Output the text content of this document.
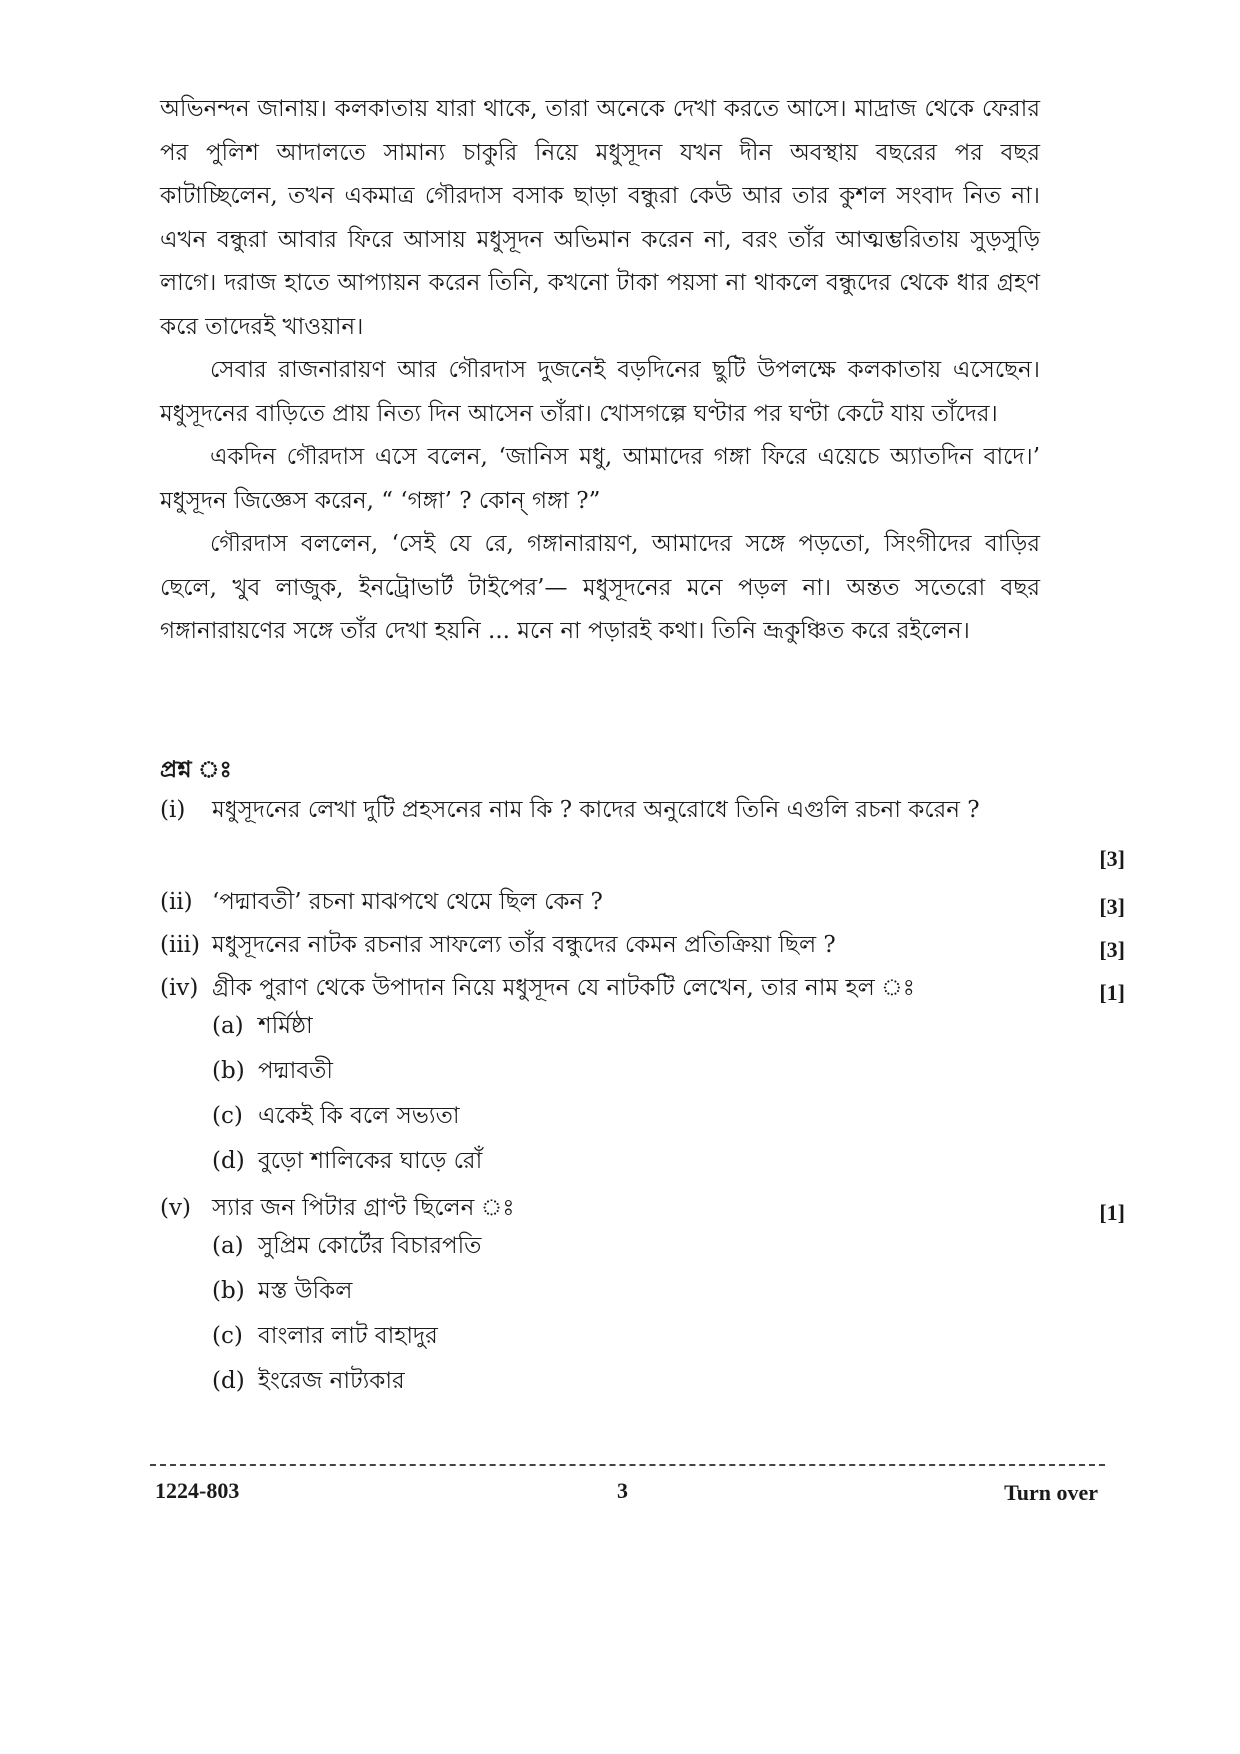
অভিনন্দন জানায়। কলকাতায় যারা থাকে, তারা অনেকে দেখা করতে আসে। মাদ্রাজ থেকে ফেরার পর পুলিশ আদালতে সামান্য চাকুরি নিয়ে মধুসূদন যখন দীন অবস্থায় বছরের পর বছর কাটাচ্ছিলেন, তখন একমাত্র গৌরদাস বসাক ছাড়া বন্ধুরা কেউ আর তার কুশল সংবাদ নিত না। এখন বন্ধুরা আবার ফিরে আসায় মধুসূদন অভিমান করেন না, বরং তাঁর আত্মম্ভরিতায় সুড়সুড়ি লাগে। দরাজ হাতে আপ্যায়ন করেন তিনি, কখনো টাকা পয়সা না থাকলে বন্ধুদের থেকে ধার গ্রহণ করে তাদেরই খাওয়ান।

সেবার রাজনারায়ণ আর গৌরদাস দুজনেই বড়দিনের ছুটি উপলক্ষে কলকাতায় এসেছেন। মধুসূদনের বাড়িতে প্রায় নিত্য দিন আসেন তাঁরা। খোসগল্পে ঘণ্টার পর ঘণ্টা কেটে যায় তাঁদের।

একদিন গৌরদাস এসে বলেন, ‘জানিস মধু, আমাদের গঙ্গা ফিরে এয়েচে অ্যাতদিন বাদে।’ মধুসূদন জিজ্ঞেস করেন, “ ‘গঙ্গা’ ? কোন্ গঙ্গা ?”

গৌরদাস বললেন, ‘সেই যে রে, গঙ্গানারায়ণ, আমাদের সঙ্গে পড়তো, সিংগীদের বাড়ির ছেলে, খুব লাজুক, ইনট্রোভার্ট টাইপের’— মধুসূদনের মনে পড়ল না। অন্তত সতেরো বছর গঙ্গানারায়ণের সঙ্গে তাঁর দেখা হয়নি ... মনে না পড়ারই কথা। তিনি ভ্রূকুঞ্চিত করে রইলেন।

প্রশ্ন ঃ
(i)	মধুসূদনের লেখা দুটি প্রহসনের নাম কি ? কাদের অনুরোধে তিনি এগুলি রচনা করেন ?
[3]
(ii) ‘পদ্মাবতী’ রচনা মাঝপথে থেমে ছিল কেন ?	[3]
(iii) মধুসূদনের নাটক রচনার সাফল্যে তাঁর বন্ধুদের কেমন প্রতিক্রিয়া ছিল ?	[3]
(iv) গ্রীক পুরাণ থেকে উপাদান নিয়ে মধুসূদন যে নাটকটি লেখেন, তার নাম হল ঃ	[1]
(a) শর্মিষ্ঠা
(b) পদ্মাবতী
(c) একেই কি বলে সভ্যতা
(d) বুড়ো শালিকের ঘাড়ে রোঁ
(v) স্যার জন পিটার গ্রাণ্ট ছিলেন ঃ	[1]
(a) সুপ্রিম কোর্টের বিচারপতি
(b) মস্ত উকিল
(c) বাংলার লাট বাহাদুর
(d) ইংরেজ নাট্যকার
1224-803	3	Turn over
